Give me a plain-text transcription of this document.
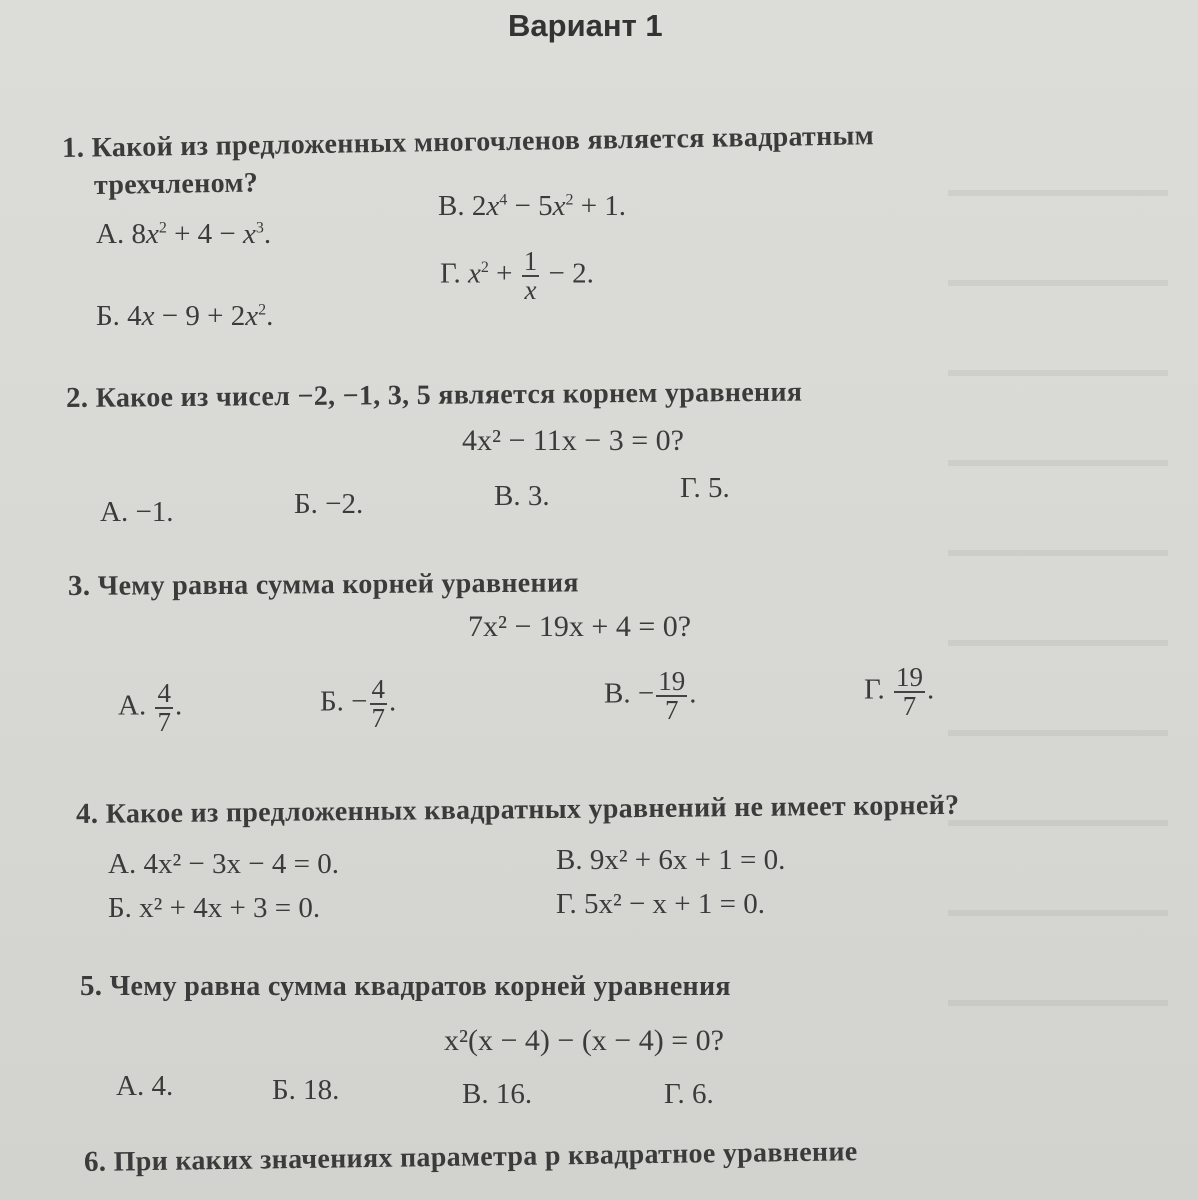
Вариант 1
1. Какой из предложенных многочленов является квадратным
трехчленом?
А. $8x^2 + 4 - x^3$.
В. $2x^4 - 5x^2 + 1$.
Б. $4x - 9 + 2x^2$.
Г. $x^2 + \frac{1}{x} - 2$.
2. Какое из чисел −2, −1, 3, 5 является корнем уравнения
4x² − 11x − 3 = 0?
А. −1.	Б. −2.	В. 3.	Г. 5.
3. Чему равна сумма корней уравнения
7x² − 19x + 4 = 0?
А. $\frac{4}{7}$ .	Б. − $\frac{4}{7}$ .	В. − $\frac{19}{7}$ .	Г. $\frac{19}{7}$ .
4. Какое из предложенных квадратных уравнений не имеет корней?
А. 4x² − 3x − 4 = 0.
Б. x² + 4x + 3 = 0.
В. 9x² + 6x + 1 = 0.
Г. 5x² − x + 1 = 0.
5. Чему равна сумма квадратов корней уравнения
x²(x − 4) − (x − 4) = 0?
А. 4.	Б. 18.	В. 16.	Г. 6.
6. При каких значениях параметра p квадратное уравнение
